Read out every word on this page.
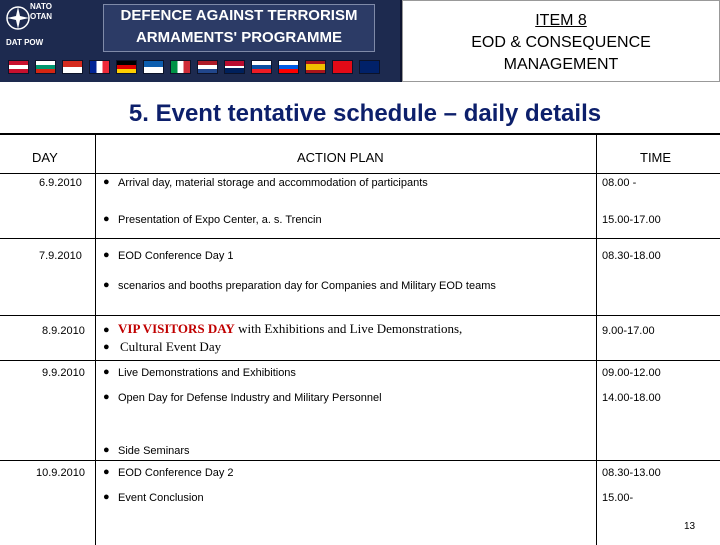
NATO OTAN
DAT POW
DEFENCE AGAINST TERRORISM
ARMAMENTS' PROGRAMME
ITEM 8
EOD & CONSEQUENCE
MANAGEMENT
5. Event tentative schedule – daily details
DAY	ACTION PLAN	TIME
6.9.2010 ● Arrival day, material storage and accommodation of participants	08.00 -
● Presentation of Expo Center, a. s. Trencin	15.00-17.00
7.9.2010 ● EOD Conference Day 1	08.30-18.00
● scenarios and booths preparation day for Companies and Military EOD teams
8.9.2010 ● VIP VISITORS DAY with Exhibitions and Live Demonstrations,	9.00-17.00
● Cultural Event Day
9.9.2010 ● Live Demonstrations and Exhibitions	09.00-12.00
● Open Day for Defense Industry and Military Personnel	14.00-18.00
● Side Seminars
10.9.2010 ● EOD Conference Day 2	08.30-13.00
● Event Conclusion	15.00-
13
